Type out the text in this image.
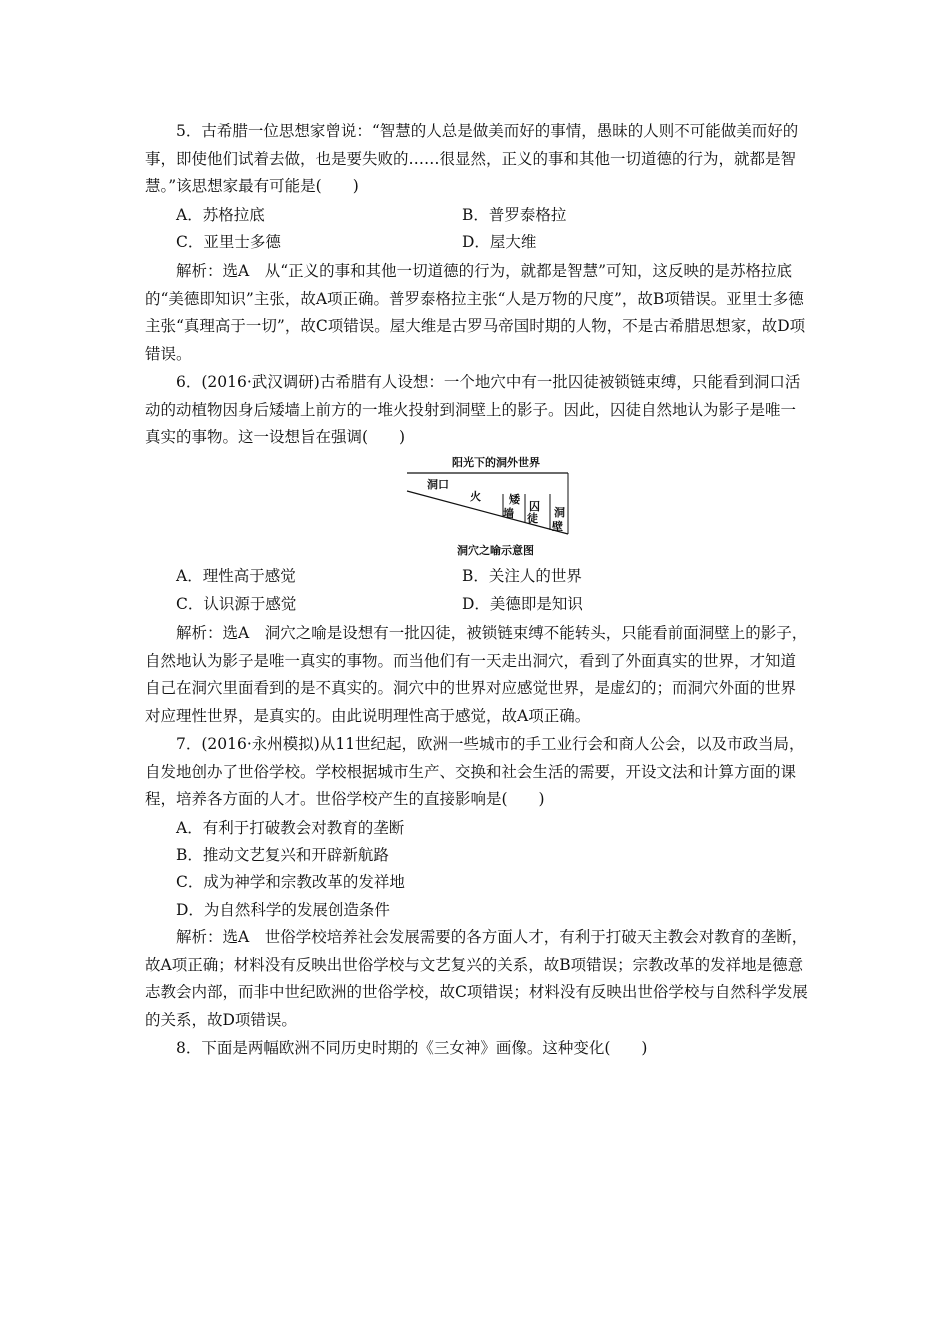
5．古希腊一位思想家曾说：“智慧的人总是做美而好的事情，愚昧的人则不可能做美而好的事，即使他们试着去做，也是要失败的……很显然，正义的事和其他一切道德的行为，就都是智慧。”该思想家最有可能是(　　)

A．苏格拉底	B．普罗泰格拉
C．亚里士多德	D．屋大维

解析：选A　从“正义的事和其他一切道德的行为，就都是智慧”可知，这反映的是苏格拉底的“美德即知识”主张，故A项正确。普罗泰格拉主张“人是万物的尺度”，故B项错误。亚里士多德主张“真理高于一切”，故C项错误。屋大维是古罗马帝国时期的人物，不是古希腊思想家，故D项错误。

6．(2016·武汉调研)古希腊有人设想：一个地穴中有一批囚徒被锁链束缚，只能看到洞口活动的动植物因身后矮墙上前方的一堆火投射到洞壁上的影子。因此，囚徒自然地认为影子是唯一真实的事物。这一设想旨在强调(　　)

阳光下的洞外世界
洞口
火	矮
墙
囚
徒 洞
壁
洞穴之喻示意图
A．理性高于感觉	B．关注人的世界
C．认识源于感觉	D．美德即是知识

解析：选A　洞穴之喻是设想有一批囚徒，被锁链束缚不能转头，只能看前面洞壁上的影子，自然地认为影子是唯一真实的事物。而当他们有一天走出洞穴，看到了外面真实的世界，才知道自己在洞穴里面看到的是不真实的。洞穴中的世界对应感觉世界，是虚幻的；而洞穴外面的世界对应理性世界，是真实的。由此说明理性高于感觉，故A项正确。

7．(2016·永州模拟)从11世纪起，欧洲一些城市的手工业行会和商人公会，以及市政当局，自发地创办了世俗学校。学校根据城市生产、交换和社会生活的需要，开设文法和计算方面的课程，培养各方面的人才。世俗学校产生的直接影响是(　　)

A．有利于打破教会对教育的垄断
B．推动文艺复兴和开辟新航路
C．成为神学和宗教改革的发祥地
D．为自然科学的发展创造条件

解析：选A　世俗学校培养社会发展需要的各方面人才，有利于打破天主教会对教育的垄断，故A项正确；材料没有反映出世俗学校与文艺复兴的关系，故B项错误；宗教改革的发祥地是德意志教会内部，而非中世纪欧洲的世俗学校，故C项错误；材料没有反映出世俗学校与自然科学发展的关系，故D项错误。

8．下面是两幅欧洲不同历史时期的《三女神》画像。这种变化(　　)
